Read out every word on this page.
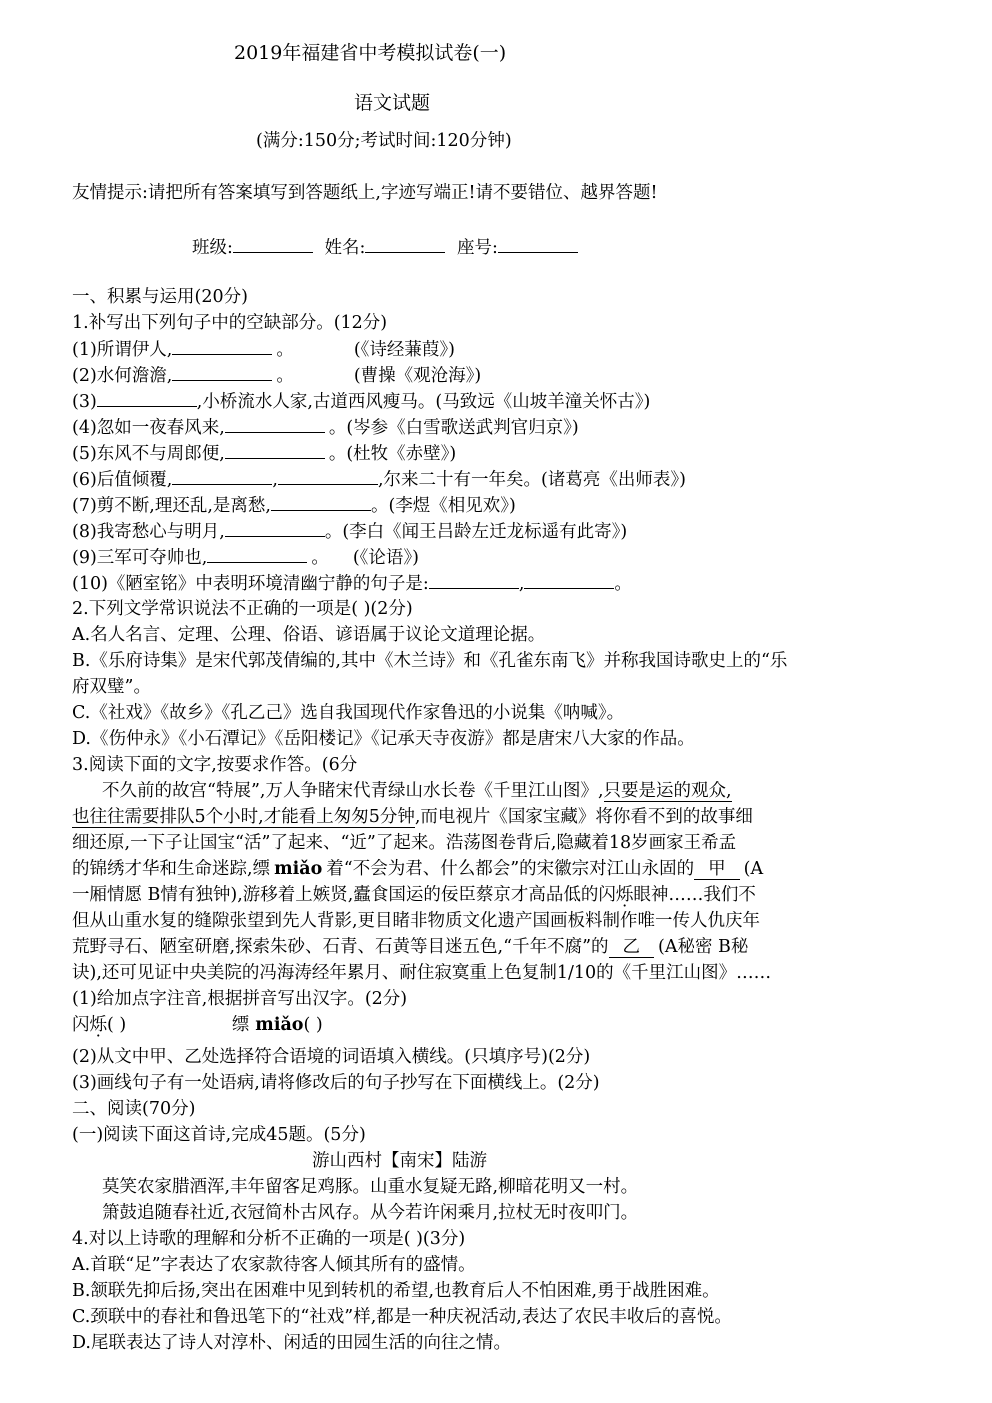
2019年福建省中考模拟试卷(一)
语文试题
(满分:150分;考试时间:120分钟)
友情提示:请把所有答案填写到答题纸上,字迹写端正!请不要错位、越界答题!
班级:	姓名:	座号:
一、积累与运用(20分)
1.补写出下列句子中的空缺部分。(12分)
(1)所谓伊人,	。	(《诗经蒹葭》)
(2)水何澹澹,	。	(曹操《观沧海》)
(3)	,小桥流水人家,古道西风瘦马。(马致远《山坡羊潼关怀古》)
(4)忽如一夜春风来,	。(岑参《白雪歌送武判官归京》)
(5)东风不与周郎便,	。(杜牧《赤壁》)
(6)后值倾覆,	,	,尔来二十有一年矣。(诸葛亮《出师表》)
(7)剪不断,理还乱,是离愁,	。(李煜《相见欢》)
(8)我寄愁心与明月,	。(李白《闻王吕龄左迁龙标遥有此寄》)
(9)三军可夺帅也,	。 (《论语》)
(10)《陋室铭》中表明环境清幽宁静的句子是:	,	。
2.下列文学常识说法不正确的一项是( )(2分)
A.名人名言、定理、公理、俗语、谚语属于议论文道理论据。
B.《乐府诗集》是宋代郭茂倩编的,其中《木兰诗》和《孔雀东南飞》并称我国诗歌史上的“乐
府双璧”。
C.《社戏》《故乡》《孔乙己》选自我国现代作家鲁迅的小说集《呐喊》。
D.《伤仲永》《小石潭记》《岳阳楼记》《记承天寺夜游》都是唐宋八大家的作品。
3.阅读下面的文字,按要求作答。(6分
不久前的故宫“特展”,万人争睹宋代青绿山水长卷《千里江山图》,只要是运的观众,
也往往需要排队5个小时,才能看上匆匆5分钟,而电视片《国家宝藏》将你看不到的故事细
细还原,一下子让国宝“活”了起来、“近”了起来。浩荡图卷背后,隐藏着18岁画家王希孟
的锦绣才华和生命迷踪,缥 miǎo 着“不会为君、什么都会”的宋徽宗对江山永固的 甲 (A
一厢情愿 B情有独钟),游移着上嫉贤,蠹食国运的佞臣蔡京才高品低的闪烁眼神……我们不
但从山重水复的缝隙张望到先人背影,更目睹非物质文化遗产国画板料制作唯一传人仇庆年
荒野寻石、陋室研磨,探索朱砂、石青、石黄等目迷五色,“千年不腐”的 乙 (A秘密 B秘
诀),还可见证中央美院的冯海涛经年累月、耐住寂寞重上色复制1/10的《千里江山图》……
(1)给加点字注音,根据拼音写出汉字。(2分)
闪烁( )	缥 miǎo( )
(2)从文中甲、乙处选择符合语境的词语填入横线。(只填序号)(2分)
(3)画线句子有一处语病,请将修改后的句子抄写在下面横线上。(2分)
二、阅读(70分)
(一)阅读下面这首诗,完成45题。(5分)
游山西村【南宋】陆游
莫笑农家腊酒浑,丰年留客足鸡豚。山重水复疑无路,柳暗花明又一村。
箫鼓追随春社近,衣冠简朴古风存。从今若许闲乘月,拉杖无时夜叩门。
4.对以上诗歌的理解和分析不正确的一项是( )(3分)
A.首联“足”字表达了农家款待客人倾其所有的盛情。
B.颔联先抑后扬,突出在困难中见到转机的希望,也教育后人不怕困难,勇于战胜困难。
C.颈联中的春社和鲁迅笔下的“社戏”样,都是一种庆祝活动,表达了农民丰收后的喜悦。
D.尾联表达了诗人对淳朴、闲适的田园生活的向往之情。
